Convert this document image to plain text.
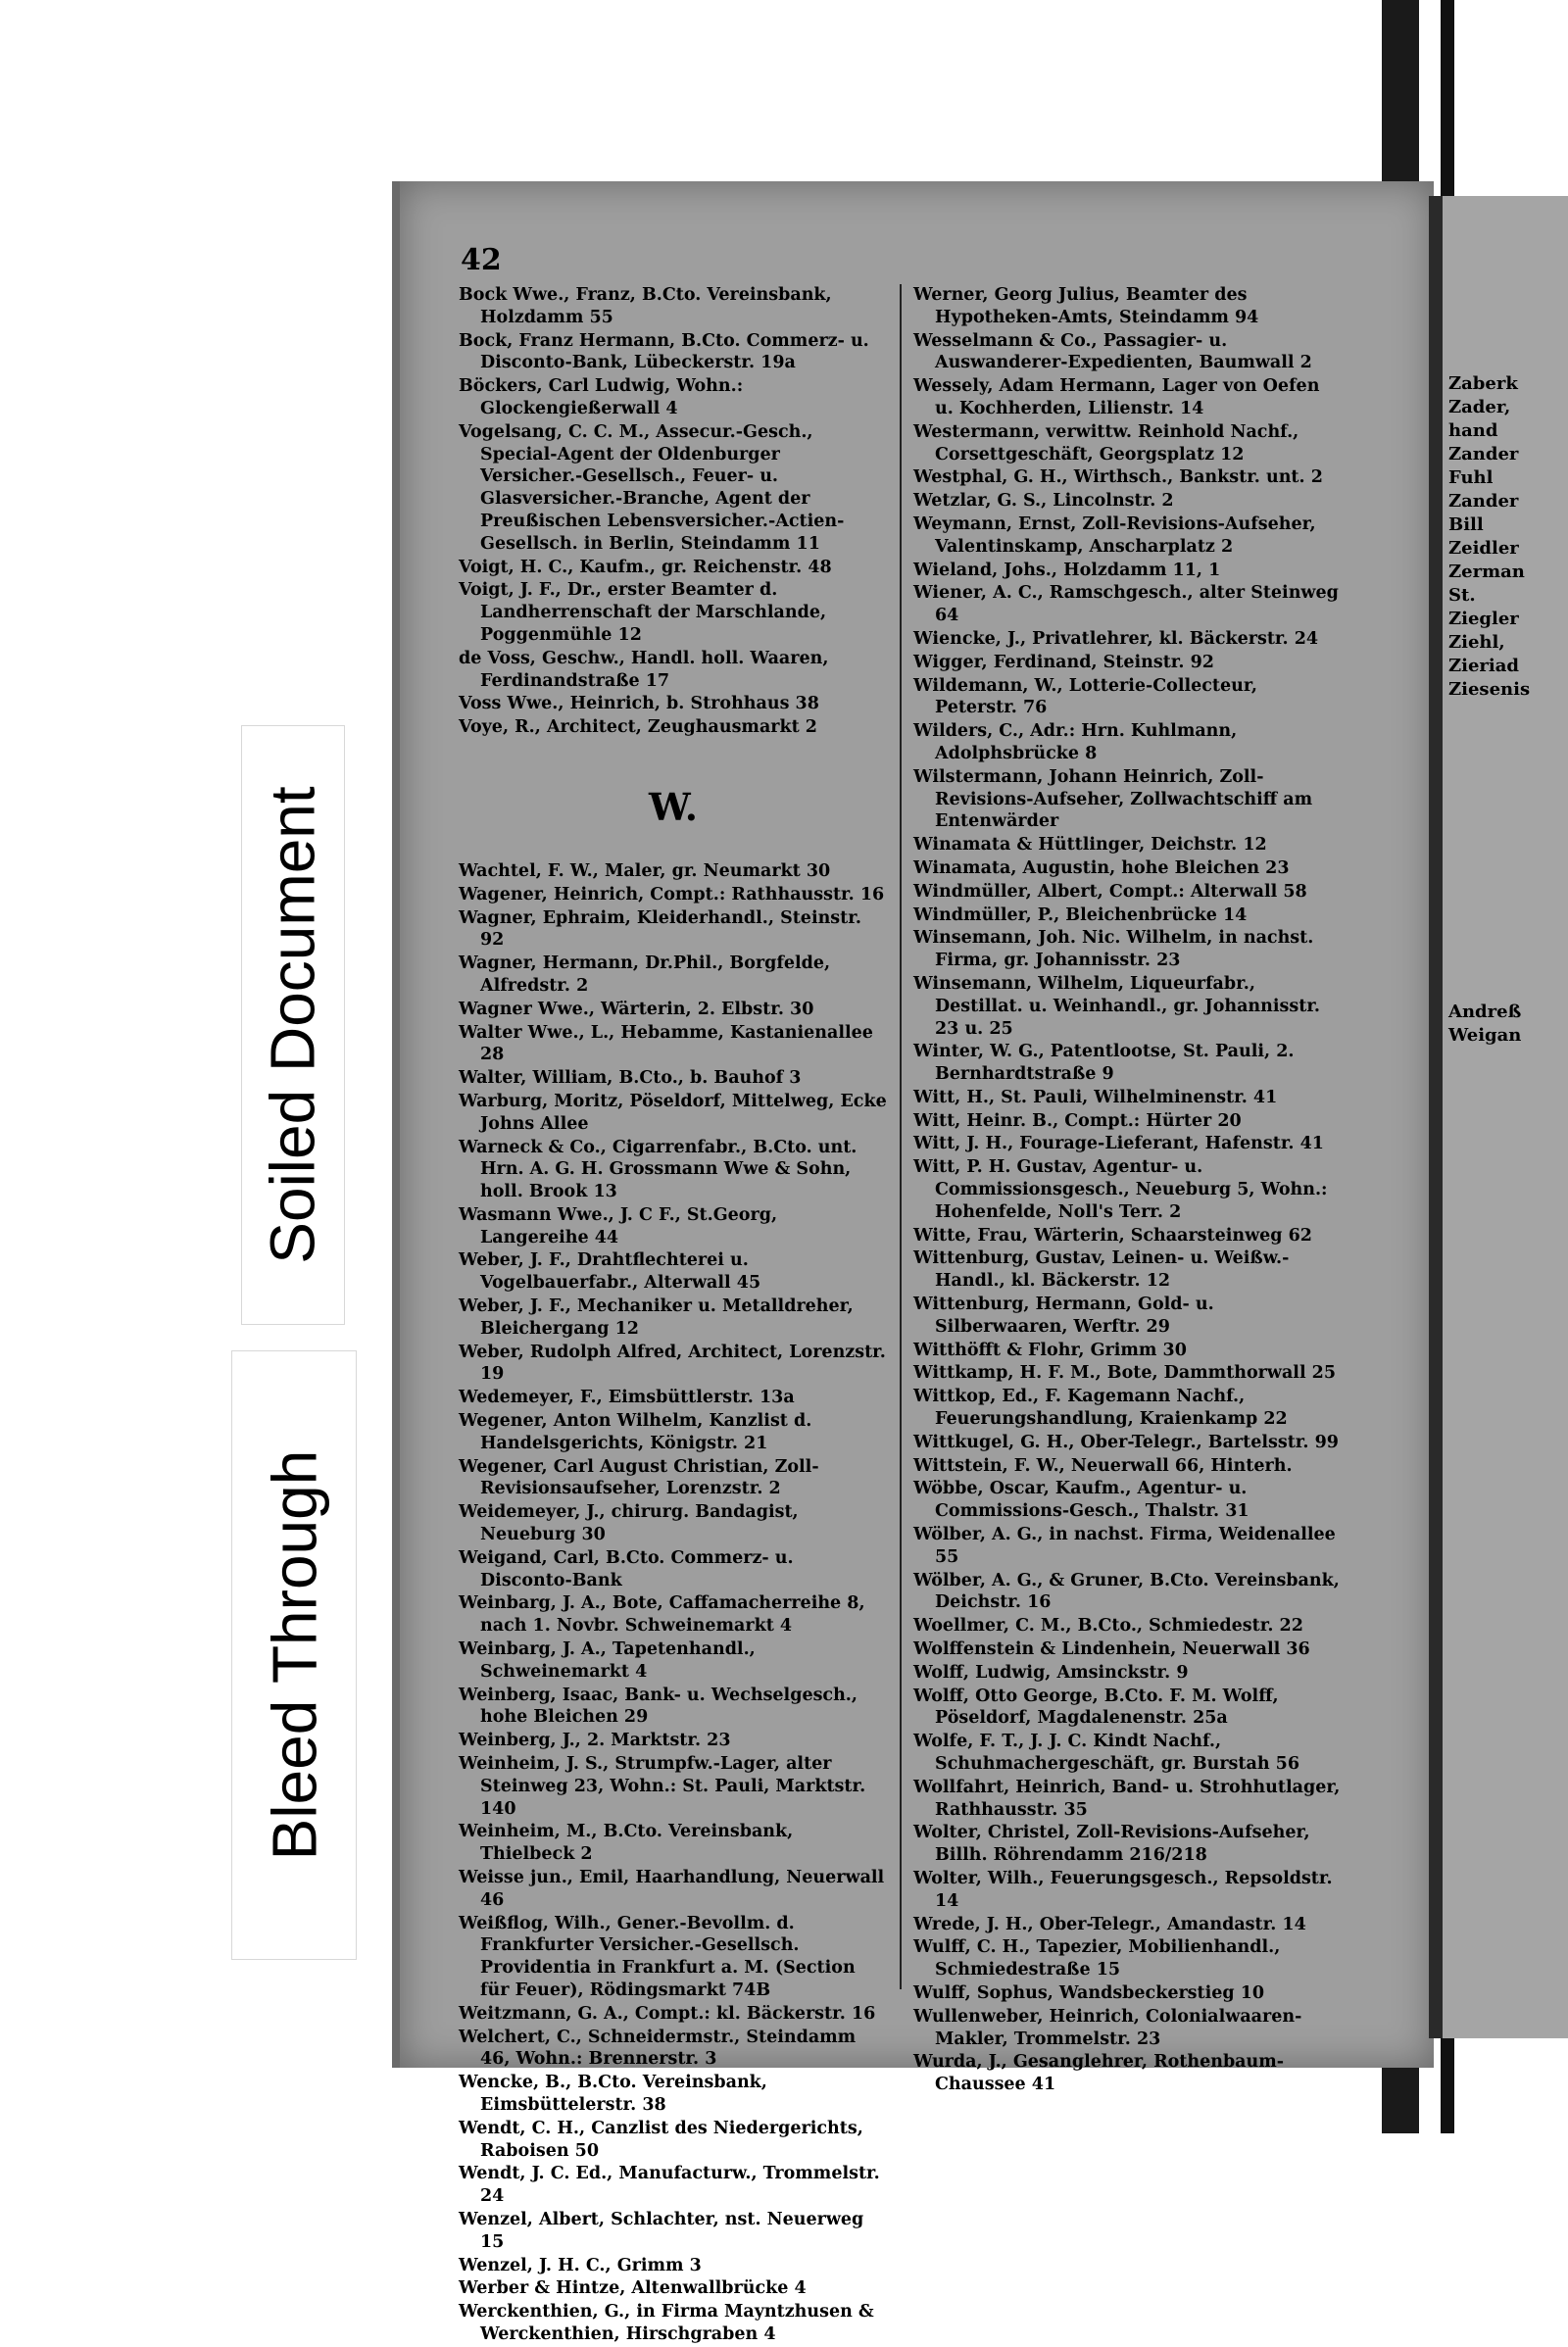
Zaberk
Zader,
hand
Zander
Fuhl
Zander
Bill
Zeidler
Zerman
St.
Ziegler
Ziehl,
Zieriad
Ziesenis
Andreß
Weigan
Soiled Document
Bleed Through
42
Bock Wwe., Franz, B.Cto. Vereinsbank, Holzdamm 55
Bock, Franz Hermann, B.Cto. Commerz- u. Disconto-Bank, Lübeckerstr. 19a
Böckers, Carl Ludwig, Wohn.: Glockengießerwall 4
Vogelsang, C. C. M., Assecur.-Gesch., Special-Agent der Oldenburger Versicher.-Gesellsch., Feuer- u. Glasversicher.-Branche, Agent der Preußischen Lebensversicher.-Actien-Gesellsch. in Berlin, Steindamm 11
Voigt, H. C., Kaufm., gr. Reichenstr. 48
Voigt, J. F., Dr., erster Beamter d. Landherrenschaft der Marschlande, Poggenmühle 12
de Voss, Geschw., Handl. holl. Waaren, Ferdinandstraße 17
Voss Wwe., Heinrich, b. Strohhaus 38
Voye, R., Architect, Zeughausmarkt 2
W.
Wachtel, F. W., Maler, gr. Neumarkt 30
Wagener, Heinrich, Compt.: Rathhausstr. 16
Wagner, Ephraim, Kleiderhandl., Steinstr. 92
Wagner, Hermann, Dr.Phil., Borgfelde, Alfredstr. 2
Wagner Wwe., Wärterin, 2. Elbstr. 30
Walter Wwe., L., Hebamme, Kastanienallee 28
Walter, William, B.Cto., b. Bauhof 3
Warburg, Moritz, Pöseldorf, Mittelweg, Ecke Johns Allee
Warneck & Co., Cigarrenfabr., B.Cto. unt. Hrn. A. G. H. Grossmann Wwe & Sohn, holl. Brook 13
Wasmann Wwe., J. C F., St.Georg, Langereihe 44
Weber, J. F., Drahtflechterei u. Vogelbauerfabr., Alterwall 45
Weber, J. F., Mechaniker u. Metalldreher, Bleichergang 12
Weber, Rudolph Alfred, Architect, Lorenzstr. 19
Wedemeyer, F., Eimsbüttlerstr. 13a
Wegener, Anton Wilhelm, Kanzlist d. Handelsgerichts, Königstr. 21
Wegener, Carl August Christian, Zoll-Revisionsaufseher, Lorenzstr. 2
Weidemeyer, J., chirurg. Bandagist, Neueburg 30
Weigand, Carl, B.Cto. Commerz- u. Disconto-Bank
Weinbarg, J. A., Bote, Caffamacherreihe 8, nach 1. Novbr. Schweinemarkt 4
Weinbarg, J. A., Tapetenhandl., Schweinemarkt 4
Weinberg, Isaac, Bank- u. Wechselgesch., hohe Bleichen 29
Weinberg, J., 2. Marktstr. 23
Weinheim, J. S., Strumpfw.-Lager, alter Steinweg 23, Wohn.: St. Pauli, Marktstr. 140
Weinheim, M., B.Cto. Vereinsbank, Thielbeck 2
Weisse jun., Emil, Haarhandlung, Neuerwall 46
Weißflog, Wilh., Gener.-Bevollm. d. Frankfurter Versicher.-Gesellsch. Providentia in Frankfurt a. M. (Section für Feuer), Rödingsmarkt 74B
Weitzmann, G. A., Compt.: kl. Bäckerstr. 16
Welchert, C., Schneidermstr., Steindamm 46, Wohn.: Brennerstr. 3
Wencke, B., B.Cto. Vereinsbank, Eimsbüttelerstr. 38
Wendt, C. H., Canzlist des Niedergerichts, Raboisen 50
Wendt, J. C. Ed., Manufacturw., Trommelstr. 24
Wenzel, Albert, Schlachter, nst. Neuerweg 15
Wenzel, J. H. C., Grimm 3
Werber & Hintze, Altenwallbrücke 4
Werckenthien, G., in Firma Mayntzhusen & Werckenthien, Hirschgraben 4
Werner, Georg Julius, Beamter des Hypotheken-Amts, Steindamm 94
Wesselmann & Co., Passagier- u. Auswanderer-Expedienten, Baumwall 2
Wessely, Adam Hermann, Lager von Oefen u. Kochherden, Lilienstr. 14
Westermann, verwittw. Reinhold Nachf., Corsettgeschäft, Georgsplatz 12
Westphal, G. H., Wirthsch., Bankstr. unt. 2
Wetzlar, G. S., Lincolnstr. 2
Weymann, Ernst, Zoll-Revisions-Aufseher, Valentinskamp, Anscharplatz 2
Wieland, Johs., Holzdamm 11, 1
Wiener, A. C., Ramschgesch., alter Steinweg 64
Wiencke, J., Privatlehrer, kl. Bäckerstr. 24
Wigger, Ferdinand, Steinstr. 92
Wildemann, W., Lotterie-Collecteur, Peterstr. 76
Wilders, C., Adr.: Hrn. Kuhlmann, Adolphsbrücke 8
Wilstermann, Johann Heinrich, Zoll-Revisions-Aufseher, Zollwachtschiff am Entenwärder
Winamata & Hüttlinger, Deichstr. 12
Winamata, Augustin, hohe Bleichen 23
Windmüller, Albert, Compt.: Alterwall 58
Windmüller, P., Bleichenbrücke 14
Winsemann, Joh. Nic. Wilhelm, in nachst. Firma, gr. Johannisstr. 23
Winsemann, Wilhelm, Liqueurfabr., Destillat. u. Weinhandl., gr. Johannisstr. 23 u. 25
Winter, W. G., Patentlootse, St. Pauli, 2. Bernhardtstraße 9
Witt, H., St. Pauli, Wilhelminenstr. 41
Witt, Heinr. B., Compt.: Hürter 20
Witt, J. H., Fourage-Lieferant, Hafenstr. 41
Witt, P. H. Gustav, Agentur- u. Commissionsgesch., Neueburg 5, Wohn.: Hohenfelde, Noll's Terr. 2
Witte, Frau, Wärterin, Schaarsteinweg 62
Wittenburg, Gustav, Leinen- u. Weißw.-Handl., kl. Bäckerstr. 12
Wittenburg, Hermann, Gold- u. Silberwaaren, Werftr. 29
Witthöfft & Flohr, Grimm 30
Wittkamp, H. F. M., Bote, Dammthorwall 25
Wittkop, Ed., F. Kagemann Nachf., Feuerungshandlung, Kraienkamp 22
Wittkugel, G. H., Ober-Telegr., Bartelsstr. 99
Wittstein, F. W., Neuerwall 66, Hinterh.
Wöbbe, Oscar, Kaufm., Agentur- u. Commissions-Gesch., Thalstr. 31
Wölber, A. G., in nachst. Firma, Weidenallee 55
Wölber, A. G., & Gruner, B.Cto. Vereinsbank, Deichstr. 16
Woellmer, C. M., B.Cto., Schmiedestr. 22
Wolffenstein & Lindenhein, Neuerwall 36
Wolff, Ludwig, Amsinckstr. 9
Wolff, Otto George, B.Cto. F. M. Wolff, Pöseldorf, Magdalenenstr. 25a
Wolfe, F. T., J. J. C. Kindt Nachf., Schuhmachergeschäft, gr. Burstah 56
Wollfahrt, Heinrich, Band- u. Strohhutlager, Rathhausstr. 35
Wolter, Christel, Zoll-Revisions-Aufseher, Billh. Röhrendamm 216/218
Wolter, Wilh., Feuerungsgesch., Repsoldstr. 14
Wrede, J. H., Ober-Telegr., Amandastr. 14
Wulff, C. H., Tapezier, Mobilienhandl., Schmiedestraße 15
Wulff, Sophus, Wandsbeckerstieg 10
Wullenweber, Heinrich, Colonialwaaren-Makler, Trommelstr. 23
Wurda, J., Gesanglehrer, Rothenbaum-Chaussee 41
